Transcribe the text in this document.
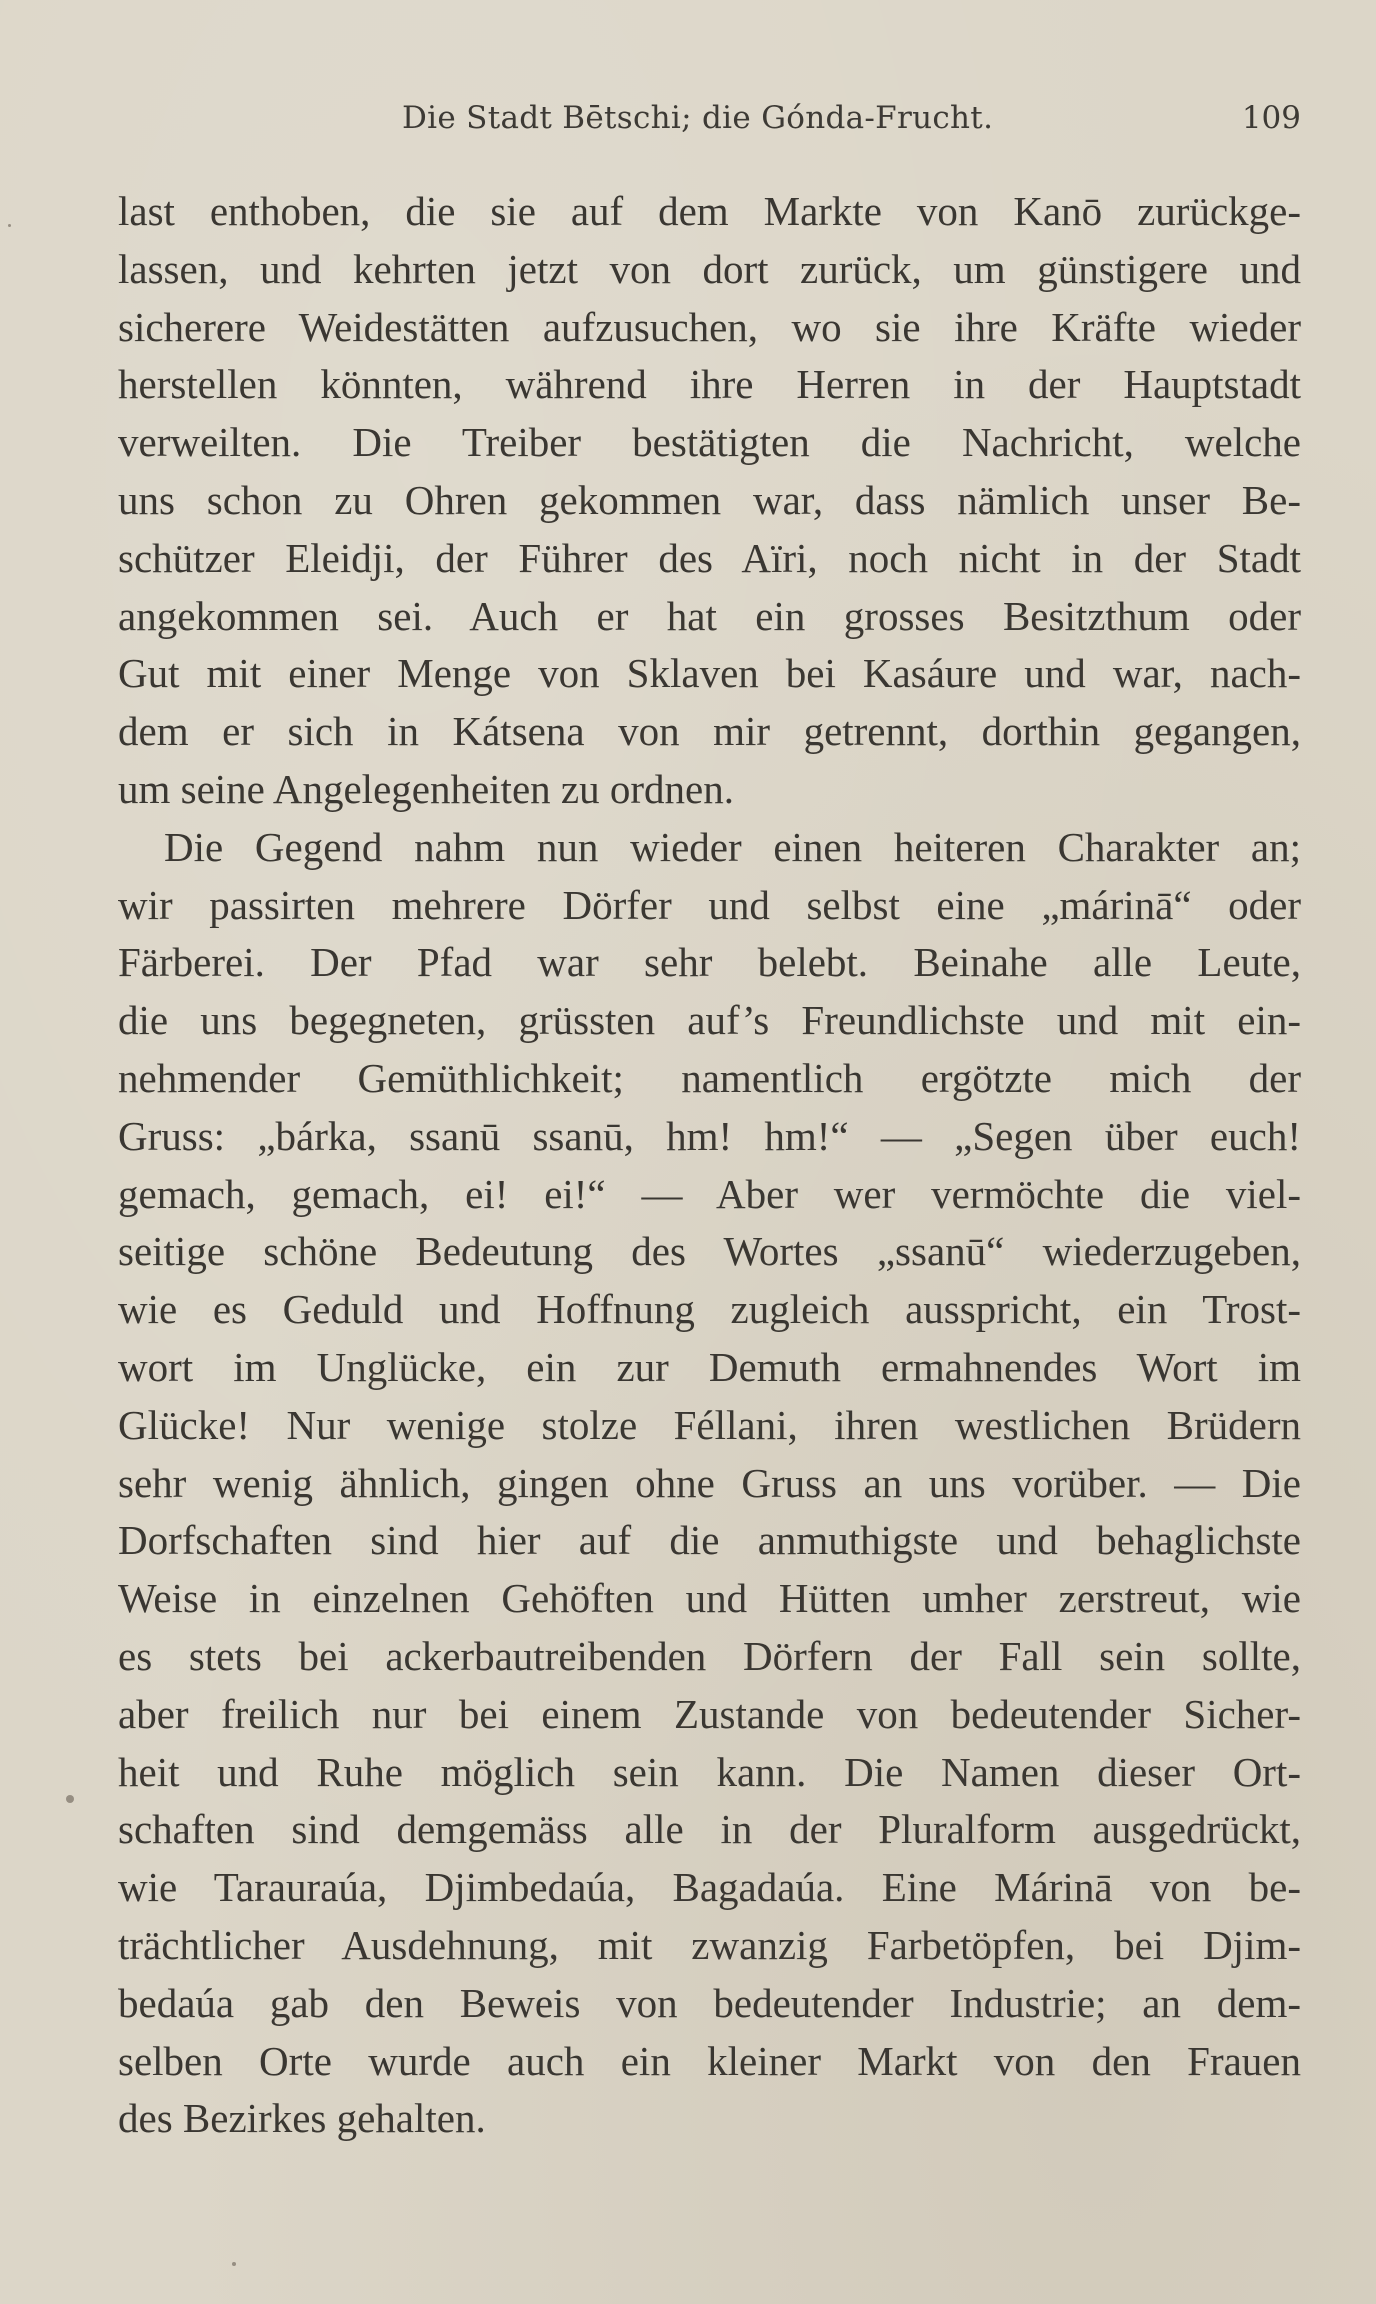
Die Stadt Bētschi; die Gónda-Frucht.	109
last enthoben, die sie auf dem Markte von Kanō zurückge-
lassen, und kehrten jetzt von dort zurück, um günstigere und
sicherere Weidestätten aufzusuchen, wo sie ihre Kräfte wieder
herstellen könnten, während ihre Herren in der Hauptstadt
verweilten. Die Treiber bestätigten die Nachricht, welche
uns schon zu Ohren gekommen war, dass nämlich unser Be-
schützer Eleidji, der Führer des Aïri, noch nicht in der Stadt
angekommen sei. Auch er hat ein grosses Besitzthum oder
Gut mit einer Menge von Sklaven bei Kasáure und war, nach-
dem er sich in Kátsena von mir getrennt, dorthin gegangen,
um seine Angelegenheiten zu ordnen.
Die Gegend nahm nun wieder einen heiteren Charakter an;
wir passirten mehrere Dörfer und selbst eine „márinā“ oder
Färberei. Der Pfad war sehr belebt. Beinahe alle Leute,
die uns begegneten, grüssten auf’s Freundlichste und mit ein-
nehmender Gemüthlichkeit; namentlich ergötzte mich der
Gruss: „bárka, ssanū ssanū, hm! hm!“ — „Segen über euch!
gemach, gemach, ei! ei!“ — Aber wer vermöchte die viel-
seitige schöne Bedeutung des Wortes „ssanū“ wiederzugeben,
wie es Geduld und Hoffnung zugleich ausspricht, ein Trost-
wort im Unglücke, ein zur Demuth ermahnendes Wort im
Glücke! Nur wenige stolze Féllani, ihren westlichen Brüdern
sehr wenig ähnlich, gingen ohne Gruss an uns vorüber. — Die
Dorfschaften sind hier auf die anmuthigste und behaglichste
Weise in einzelnen Gehöften und Hütten umher zerstreut, wie
es stets bei ackerbautreibenden Dörfern der Fall sein sollte,
aber freilich nur bei einem Zustande von bedeutender Sicher-
heit und Ruhe möglich sein kann. Die Namen dieser Ort-
schaften sind demgemäss alle in der Pluralform ausgedrückt,
wie Tarauraúa, Djimbedaúa, Bagadaúa. Eine Márinā von be-
trächtlicher Ausdehnung, mit zwanzig Farbetöpfen, bei Djim-
bedaúa gab den Beweis von bedeutender Industrie; an dem-
selben Orte wurde auch ein kleiner Markt von den Frauen
des Bezirkes gehalten.
